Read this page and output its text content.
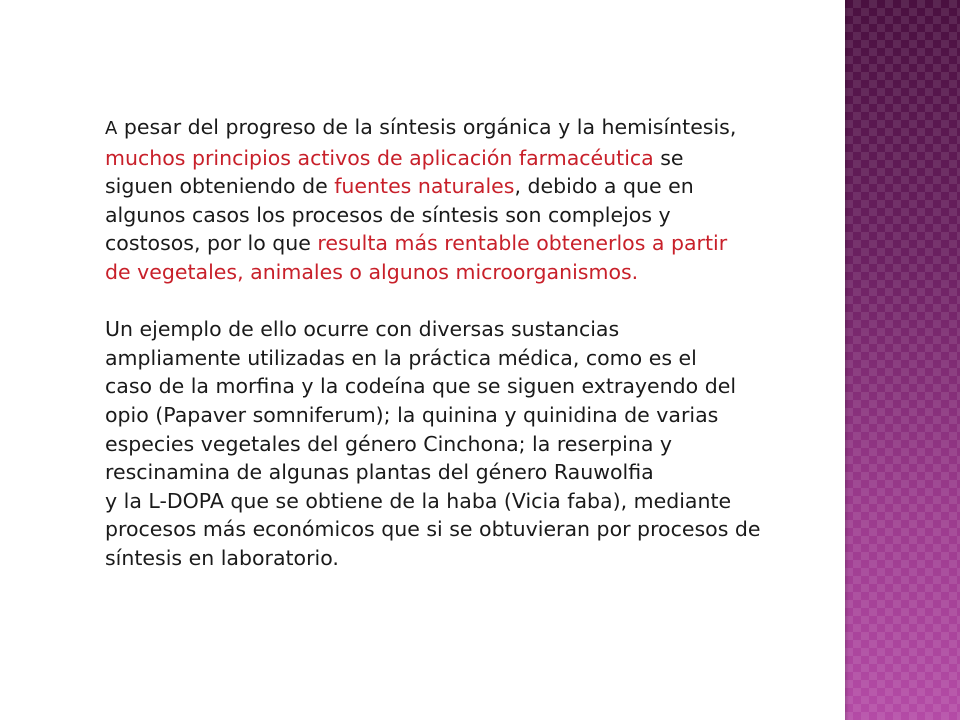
A pesar del progreso de la síntesis orgánica y la hemisíntesis,
muchos principios activos de aplicación farmacéutica se
siguen obteniendo de fuentes naturales, debido a que en
algunos casos los procesos de síntesis son complejos y
costosos, por lo que resulta más rentable obtenerlos a partir
de vegetales, animales o algunos microorganismos.

Un ejemplo de ello ocurre con diversas sustancias
ampliamente utilizadas en la práctica médica, como es el
caso de la morfina y la codeína que se siguen extrayendo del
opio (Papaver somniferum); la quinina y quinidina de varias
especies vegetales del género Cinchona; la reserpina y
rescinamina de algunas plantas del género Rauwolfia
y la L-DOPA que se obtiene de la haba (Vicia faba), mediante
procesos más económicos que si se obtuvieran por procesos de
síntesis en laboratorio.
